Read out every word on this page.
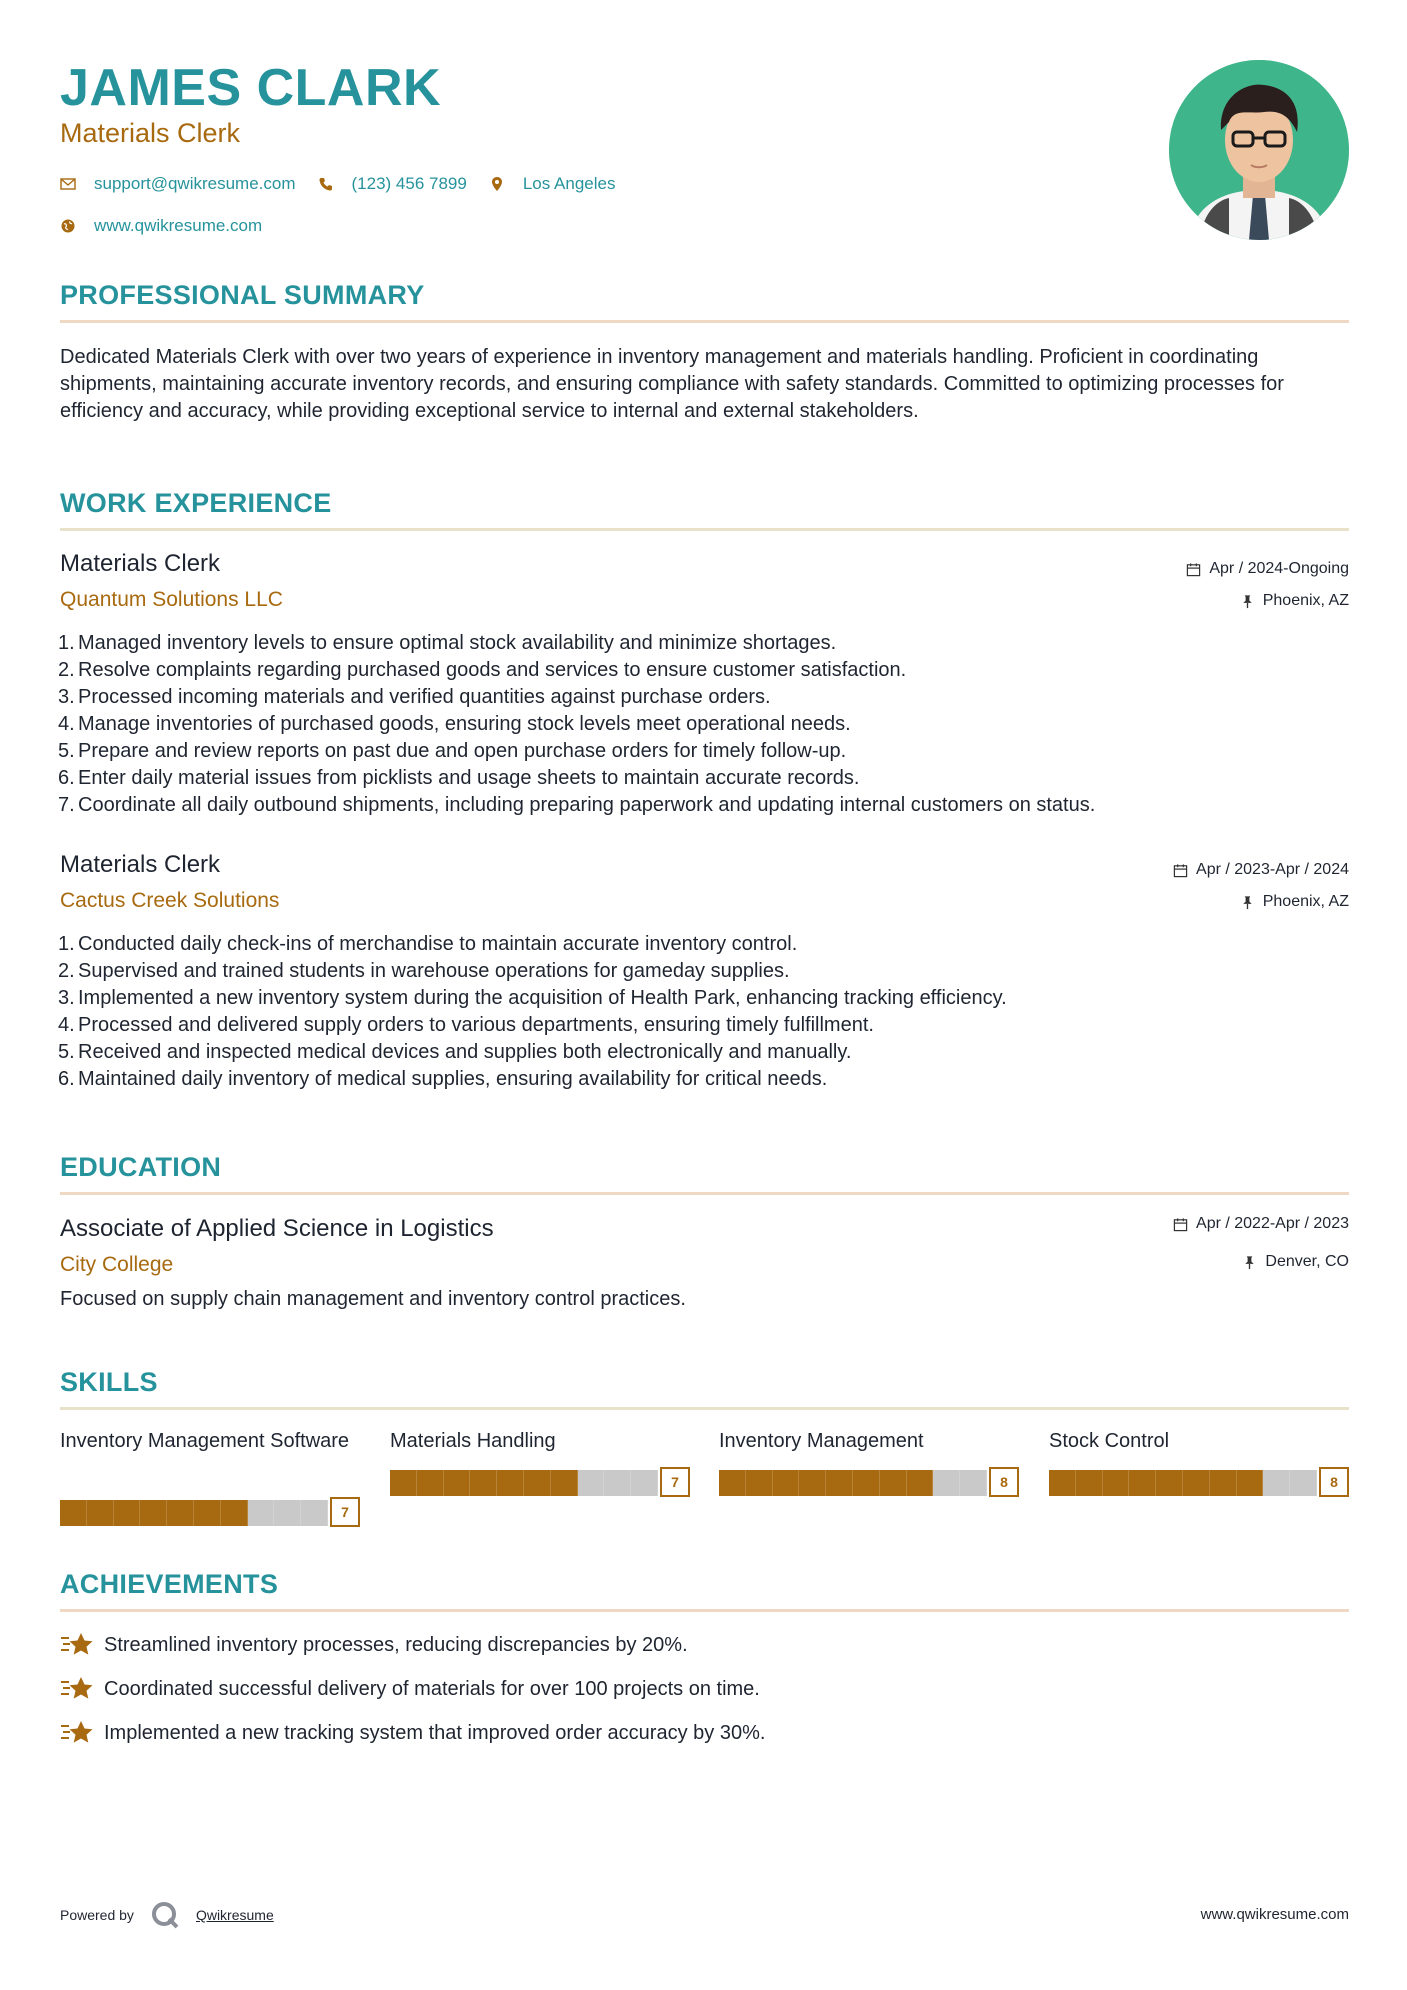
JAMES CLARK
Materials Clerk
support@qwikresume.com	(123) 456 7899	Los Angeles
www.qwikresume.com
PROFESSIONAL SUMMARY
Dedicated Materials Clerk with over two years of experience in inventory management and materials handling. Proficient in coordinating shipments, maintaining accurate inventory records, and ensuring compliance with safety standards. Committed to optimizing processes for efficiency and accuracy, while providing exceptional service to internal and external stakeholders.
WORK EXPERIENCE
Materials Clerk
Quantum Solutions LLC
Apr / 2024-Ongoing
Phoenix, AZ
1. Managed inventory levels to ensure optimal stock availability and minimize shortages.
2. Resolve complaints regarding purchased goods and services to ensure customer satisfaction.
3. Processed incoming materials and verified quantities against purchase orders.
4. Manage inventories of purchased goods, ensuring stock levels meet operational needs.
5. Prepare and review reports on past due and open purchase orders for timely follow-up.
6. Enter daily material issues from picklists and usage sheets to maintain accurate records.
7. Coordinate all daily outbound shipments, including preparing paperwork and updating internal customers on status.
Materials Clerk
Cactus Creek Solutions
Apr / 2023-Apr / 2024
Phoenix, AZ
1. Conducted daily check-ins of merchandise to maintain accurate inventory control.
2. Supervised and trained students in warehouse operations for gameday supplies.
3. Implemented a new inventory system during the acquisition of Health Park, enhancing tracking efficiency.
4. Processed and delivered supply orders to various departments, ensuring timely fulfillment.
5. Received and inspected medical devices and supplies both electronically and manually.
6. Maintained daily inventory of medical supplies, ensuring availability for critical needs.
EDUCATION
Associate of Applied Science in Logistics
City College
Apr / 2022-Apr / 2023
Denver, CO
Focused on supply chain management and inventory control practices.
SKILLS
Inventory Management Software
7
Materials Handling
7
Inventory Management
8
Stock Control
8
ACHIEVEMENTS
Streamlined inventory processes, reducing discrepancies by 20%.
Coordinated successful delivery of materials for over 100 projects on time.
Implemented a new tracking system that improved order accuracy by 30%.
Powered by	Qwikresume	www.qwikresume.com
